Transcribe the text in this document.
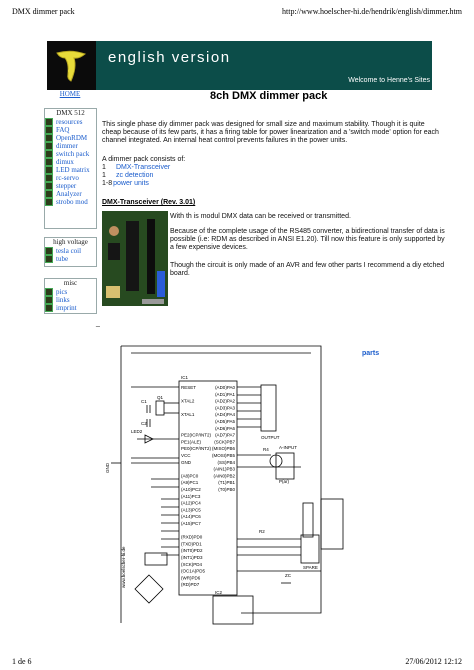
DMX dimmer pack	http://www.hoelscher-hi.de/hendrik/english/dimmer.htm
1 de 6	27/06/2012 12:12
english version
Welcome to Henne's Sites
HOME
DMX 512
resources
FAQ
OpenRDM
dimmer
switch pack
dimux
LED matrix
rc-servo
stepper
Analyzer
strobo mod
high voltage
tesla coil
tube
misc
pics
links
imprint
8ch DMX dimmer pack
This single phase diy dimmer pack was designed for small size and maximum stability. Though it is quite cheap because of its few parts, it has a firing table for power linearization and a 'switch mode' option for each channel integrated. An internal heat control prevents failures in the power units.
A dimmer pack consists of:
1 DMX-Transceiver
1 zc detection
1-8power units
DMX-Transceiver (Rev. 3.01)
With th is modul DMX data can be received or transmitted.
Because of the complete usage of the RS485 converter, a bidirectional transfer of data is possible (i.e: RDM as described in ANSI E1.20). Till now this feature is only supported by a few expensive devices.
Though the circuit is only made of an AVR and few other parts I recommend a diy etched board.
_
parts
IC1
IC2
RESET
XTAL2
XTAL1
PE2(ICP/INT2)
PE1(ALE)
PE0(ICP/INT2)
VCC
GND
(A8)PC0
(A9)PC1
(A10)PC2
(A11)PC3
(A12)PC4
(A13)PC5
(A14)PC6
(A15)PC7
(RXD)PD0
(TXD)PD1
(INT0)PD2
(INT1)PD3
(XCK)PD4
(OC1A)PD5
(WR)PD6
(RD)PD7
(AD0)PA0
(AD1)PA1
(AD2)PA2
(AD3)PA3
(AD4)PA4
(AD5)PA5
(AD6)PA6
(AD7)PA7
(SCK)PB7
(MISO)PB6
(MOSI)PB5
(SS)PB4
(AIN1)PB3
(AIN0)PB2
(T1)PB1
(T0)PB0
OUTPUT
A-INPUT
SPARE
P(ar)
GND
LED2
C1
C2
Q1
R2
R4
ZC
www.hoelscher-hi.de
